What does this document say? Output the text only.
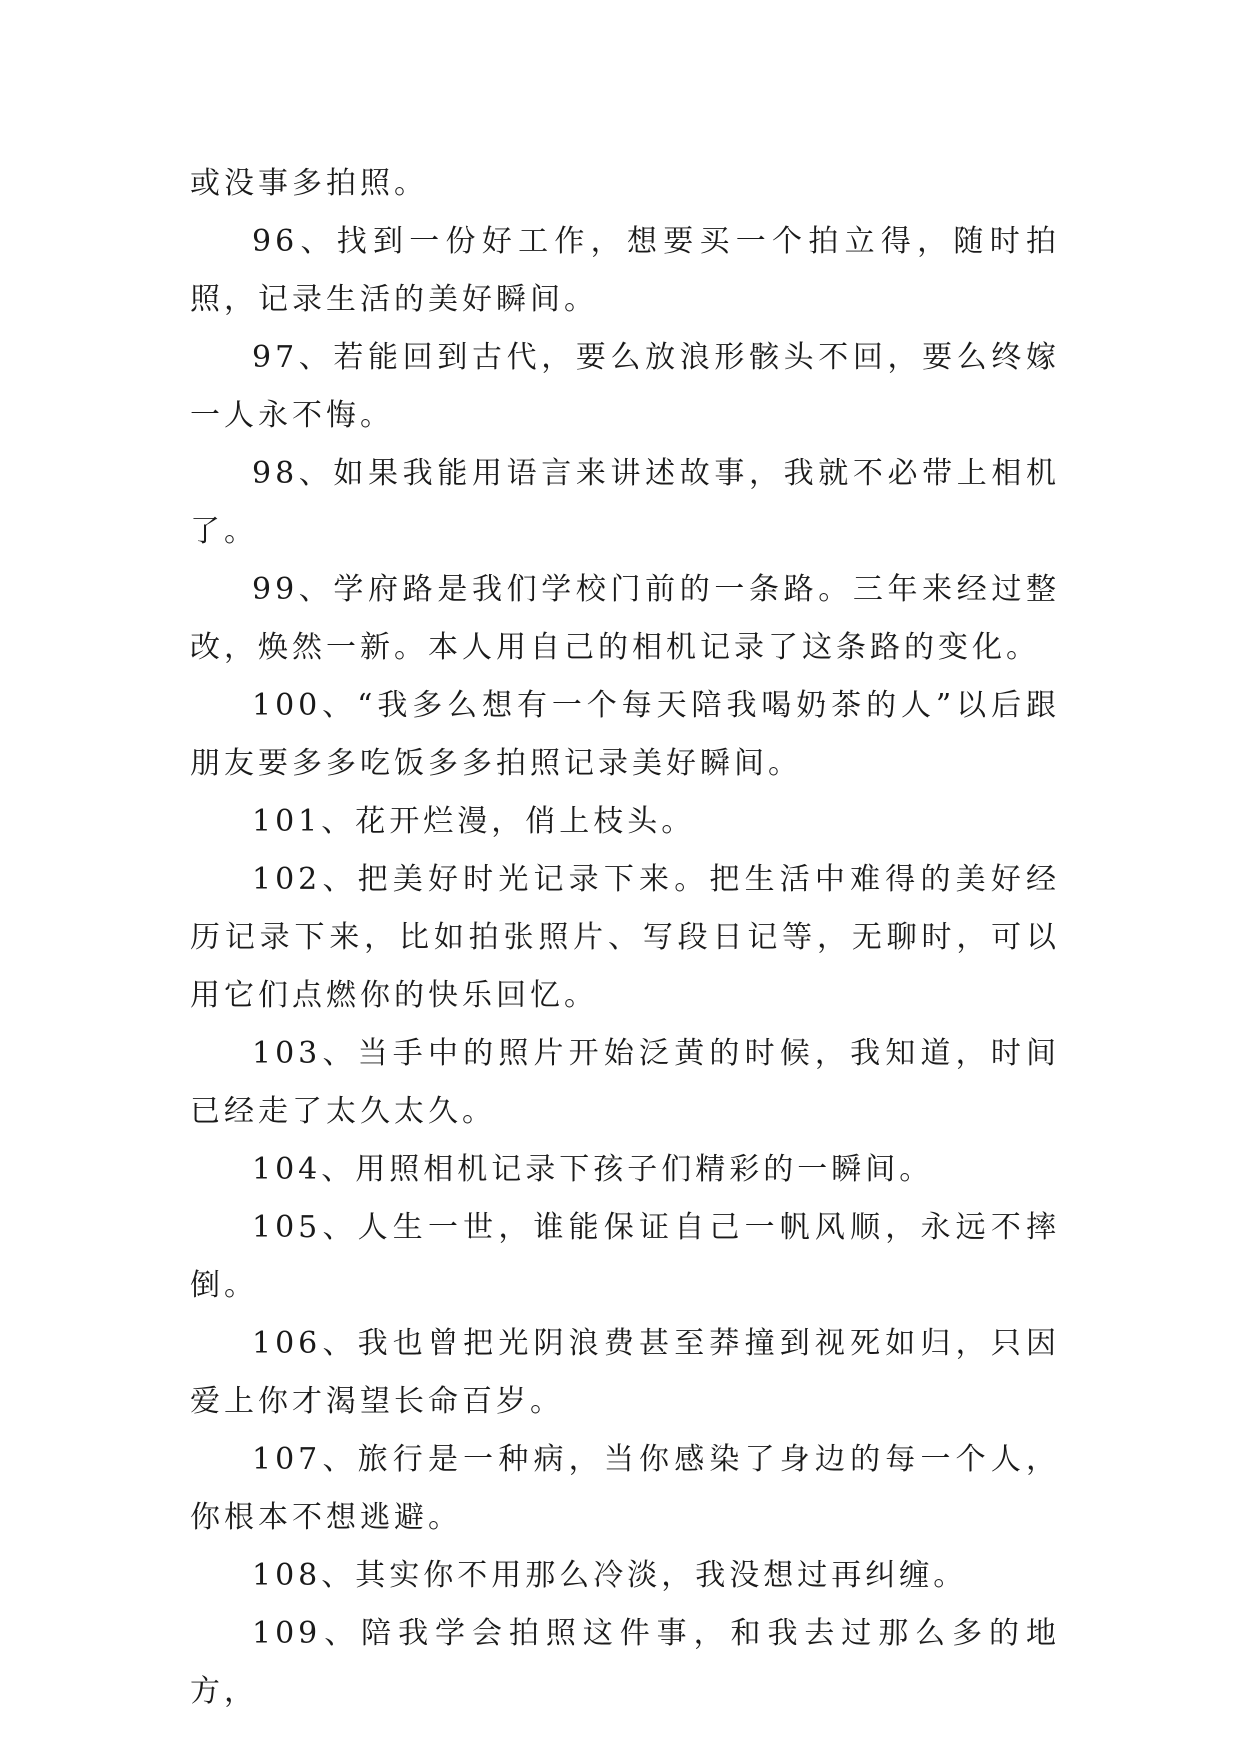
或没事多拍照。

96、找到一份好工作，想要买一个拍立得，随时拍照，记录生活的美好瞬间。

97、若能回到古代，要么放浪形骸头不回，要么终嫁一人永不悔。

98、如果我能用语言来讲述故事，我就不必带上相机了。

99、学府路是我们学校门前的一条路。三年来经过整改，焕然一新。本人用自己的相机记录了这条路的变化。

100、“我多么想有一个每天陪我喝奶茶的人”以后跟朋友要多多吃饭多多拍照记录美好瞬间。

101、花开烂漫，俏上枝头。

102、把美好时光记录下来。把生活中难得的美好经历记录下来，比如拍张照片、写段日记等，无聊时，可以用它们点燃你的快乐回忆。

103、当手中的照片开始泛黄的时候，我知道，时间已经走了太久太久。

104、用照相机记录下孩子们精彩的一瞬间。

105、人生一世，谁能保证自己一帆风顺，永远不摔倒。

106、我也曾把光阴浪费甚至莽撞到视死如归，只因爱上你才渴望长命百岁。

107、旅行是一种病，当你感染了身边的每一个人，你根本不想逃避。

108、其实你不用那么冷淡，我没想过再纠缠。

109、陪我学会拍照这件事，和我去过那么多的地方，
